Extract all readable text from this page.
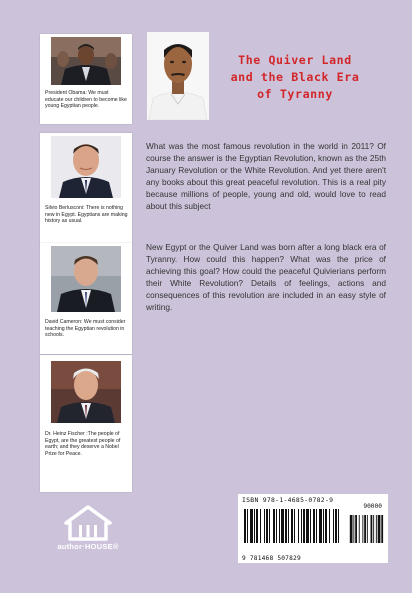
President Obama: We must educate our children to become like young Egyptian people.
Silvio Berlusconi: There is nothing new in Egypt. Egyptians are making history as usual.
David Cameron: We must consider teaching the Egyptian revolution in schools.
Dr. Heinz Fischer :The people of Egypt, are the greatest people of earth; and they deserve a Nobel Prize for Peace.
The Quiver Land
and the Black Era
of Tyranny
What was the most famous revolution in the world in 2011? Of course the answer is the Egyptian Revolution, known as the 25th January Revolution or the White Revolution. And yet there aren't any books about this great peaceful revolution. This is a real pity because millions of people, young and old, would love to read about this subject
New Egypt or the Quiver Land was born after a long black era of Tyranny. How could this happen? What was the price of achieving this goal? How could the peaceful Quivierians perform their White Revolution? Details of feelings, actions and consequences of this revolution are included in an easy style of writing.
author·HOUSE®
ISBN 978-1-4685-0782-9
90000
9 781468 507829
